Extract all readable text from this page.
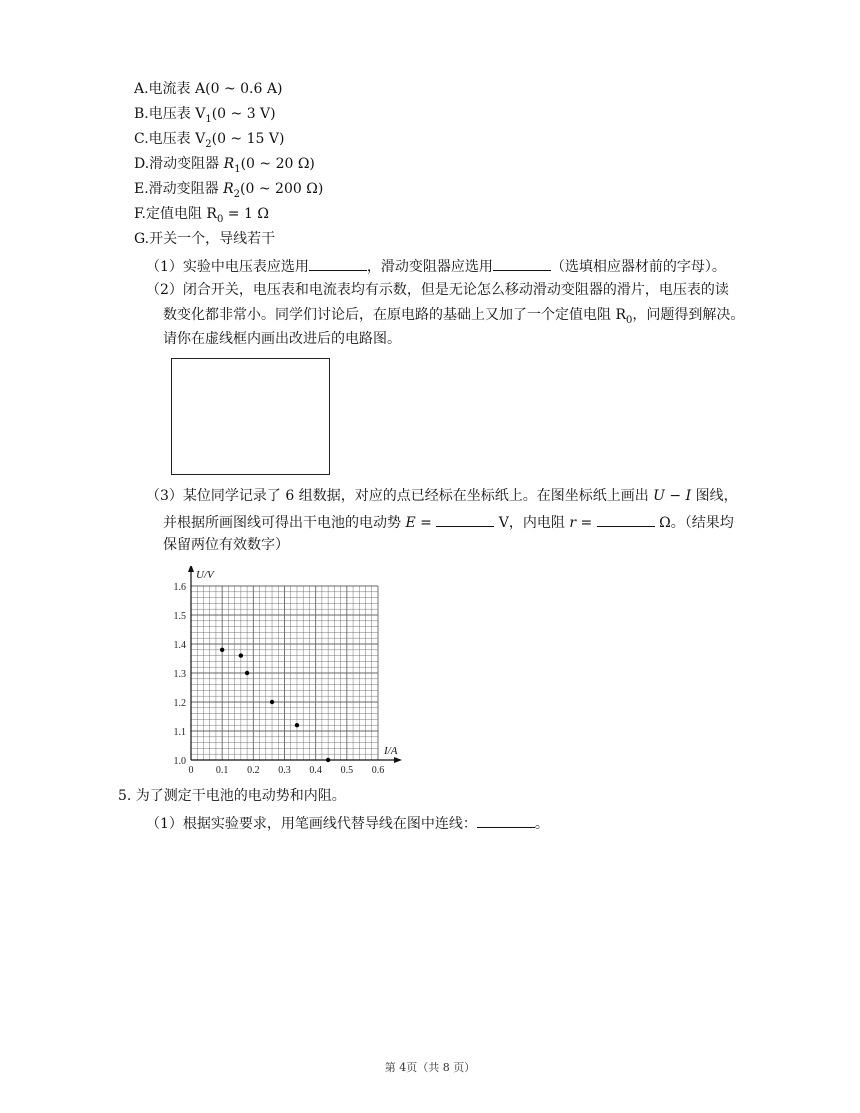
A.电流表 A(0 ~ 0.6 A)
B.电压表 $V_1(0$ ~ 3 V)
C.电压表 $V_2(0$ ~ 15 V)
D.滑动变阻器 $R_1(0$ ~ 20 Ω)
E.滑动变阻器 $R_2(0$ ~ 200 Ω)
F.定值电阻 $R_0 = 1$ Ω
G.开关一个，导线若干
（1）实验中电压表应选用	，滑动变阻器应选用	（选填相应器材前的字母）。
（2）闭合开关，电压表和电流表均有示数，但是无论怎么移动滑动变阻器的滑片，电压表的读
数变化都非常小。同学们讨论后，在原电路的基础上又加了一个定值电阻 $R_0$，问题得到解决。
请你在虚线框内画出改进后的电路图。
（3）某位同学记录了 6 组数据，对应的点已经标在坐标纸上。在图坐标纸上画出 U − I 图线，
并根据所画图线可得出干电池的电动势 E =	V，内电阻 r =	Ω。（结果均
保留两位有效数字）
0 0.1 0.2 0.3 0.4 0.5 0.6
1.0
1.1
1.2
1.3
1.4
1.5
1.6
U/V
I/A
5. 为了测定干电池的电动势和内阻。
（1）根据实验要求，用笔画线代替导线在图中连线：	。
第 4页（共 8 页）
